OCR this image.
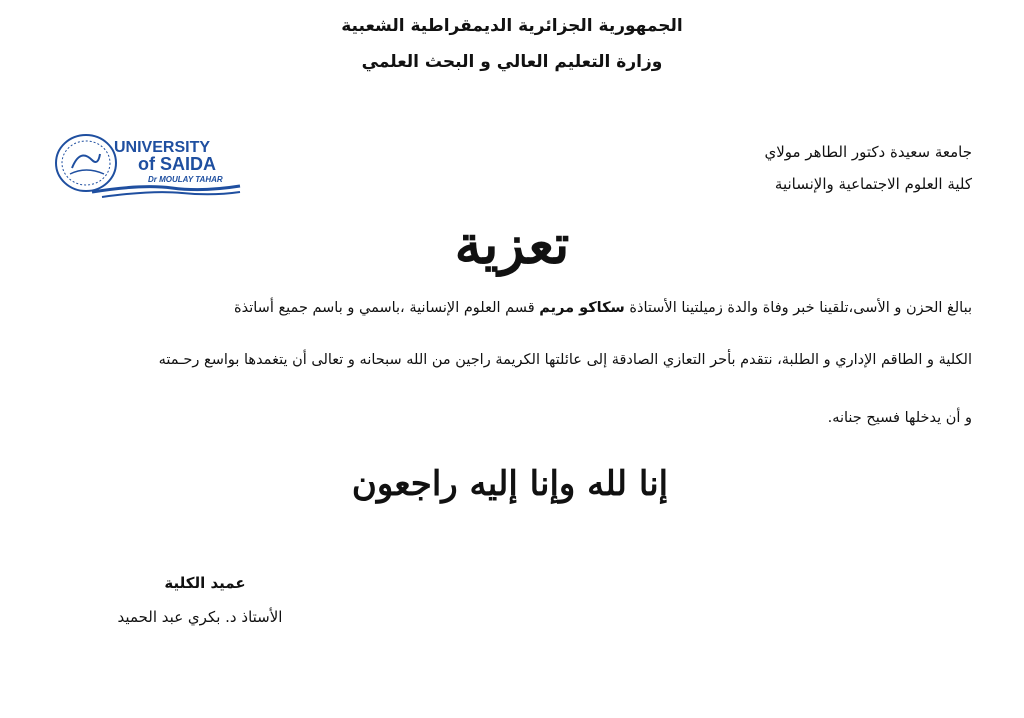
الجمهورية الجزائرية الديمقراطية الشعبية
وزارة التعليم العالي و البحث العلمي
جامعة سعيدة دكتور الطاهر مولاي
كلية العلوم الاجتماعية والإنسانية
UNIVERSITY
of SAIDA
Dr MOULAY TAHAR
تعزية
ببالغ الحزن و الأسى،تلقينا خبر وفاة والدة زميلتينا الأستاذة سكاكو مريم قسم العلوم الإنسانية ،باسمي و باسم جميع أساتذة
الكلية و الطاقم الإداري و الطلبة، نتقدم بأحر التعازي الصادقة إلى عائلتها الكريمة راجين من الله سبحانه و تعالى أن يتغمدها بواسع رحـمته
و أن يدخلها فسيح جنانه.
إنا لله وإنا إليه راجعون
عميد الكلية
الأستاذ د. بكري عبد الحميد
